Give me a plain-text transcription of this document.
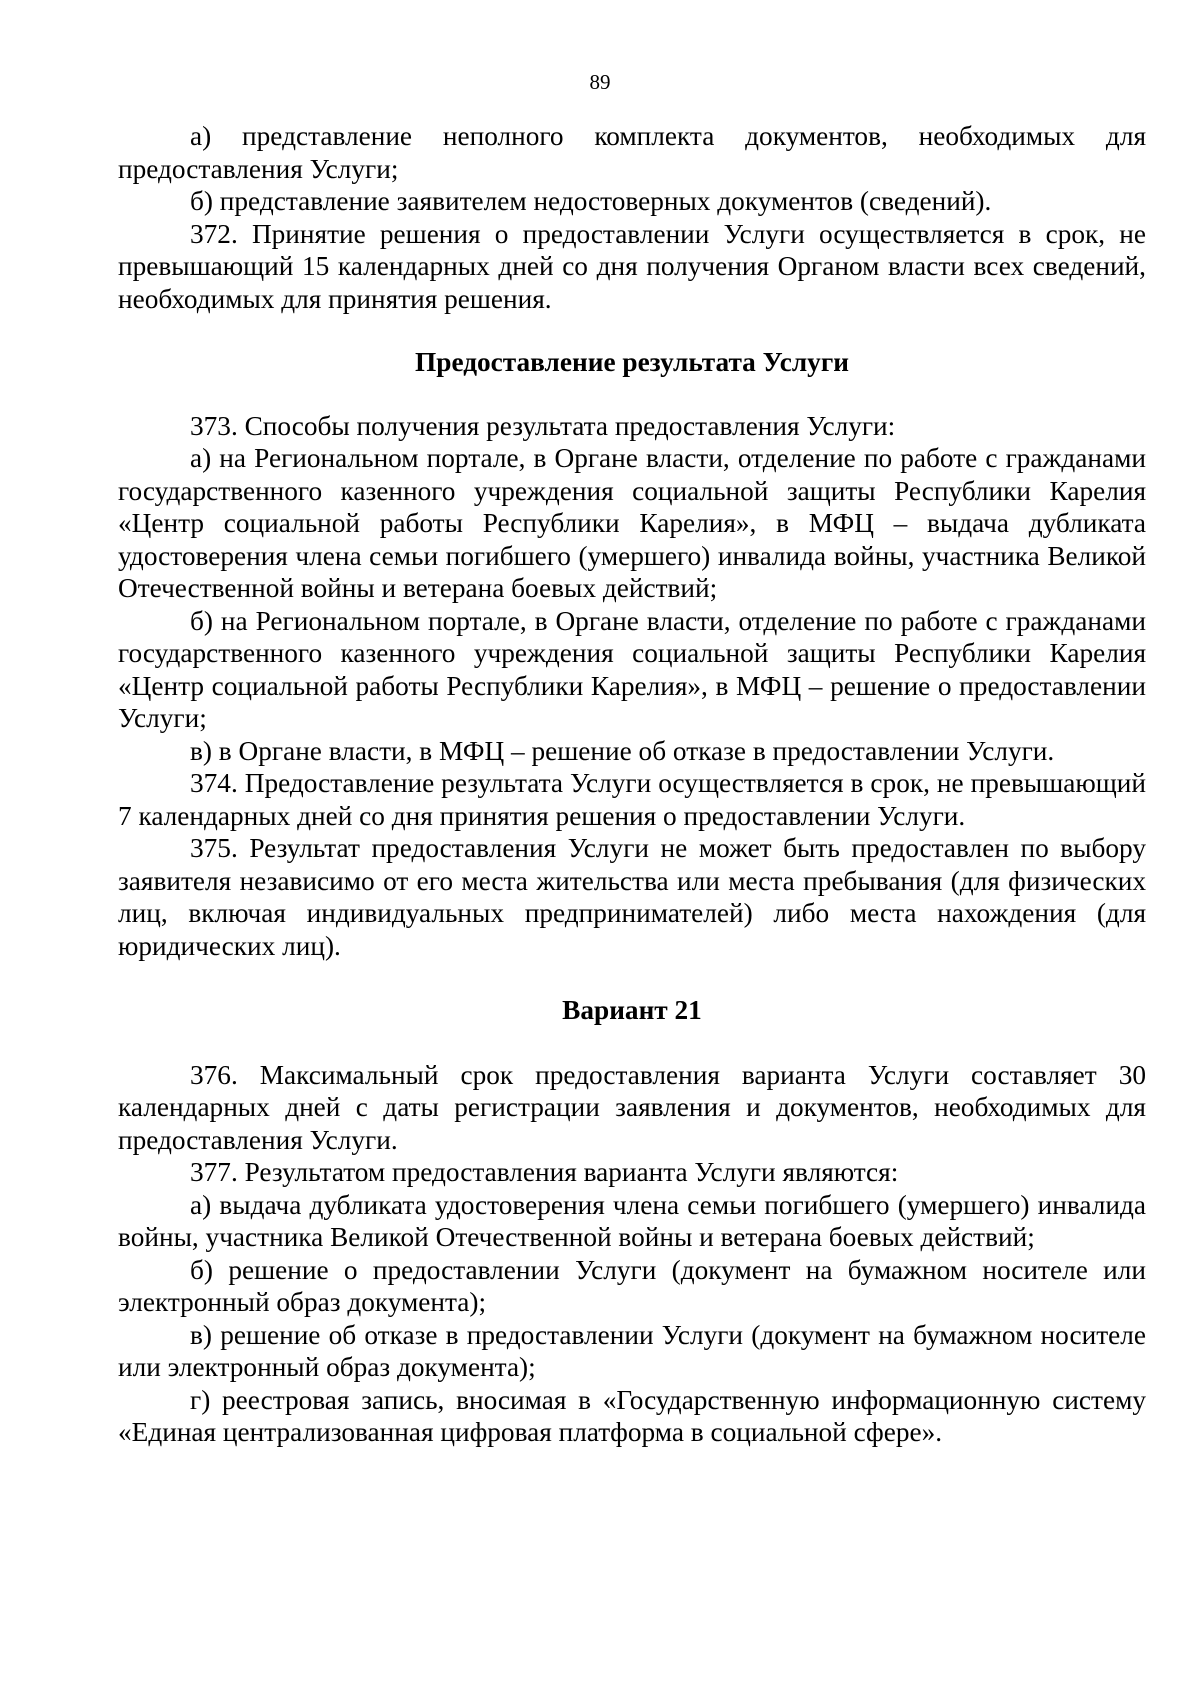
89

а) представление неполного комплекта документов, необходимых для предоставления Услуги;

б) представление заявителем недостоверных документов (сведений).

372. Принятие решения о предоставлении Услуги осуществляется в срок, не превышающий 15 календарных дней со дня получения Органом власти всех сведений, необходимых для принятия решения.

Предоставление результата Услуги

373. Способы получения результата предоставления Услуги:

а) на Региональном портале, в Органе власти, отделение по работе с гражданами государственного казенного учреждения социальной защиты Республики Карелия «Центр социальной работы Республики Карелия», в МФЦ – выдача дубликата удостоверения члена семьи погибшего (умершего) инвалида войны, участника Великой Отечественной войны и ветерана боевых действий;

б) на Региональном портале, в Органе власти, отделение по работе с гражданами государственного казенного учреждения социальной защиты Республики Карелия «Центр социальной работы Республики Карелия», в МФЦ – решение о предоставлении Услуги;

в) в Органе власти, в МФЦ – решение об отказе в предоставлении Услуги.

374. Предоставление результата Услуги осуществляется в срок, не превышающий 7 календарных дней со дня принятия решения о предоставлении Услуги.

375. Результат предоставления Услуги не может быть предоставлен по выбору заявителя независимо от его места жительства или места пребывания (для физических лиц, включая индивидуальных предпринимателей) либо места нахождения (для юридических лиц).

Вариант 21

376. Максимальный срок предоставления варианта Услуги составляет 30 календарных дней с даты регистрации заявления и документов, необходимых для предоставления Услуги.

377. Результатом предоставления варианта Услуги являются:

а) выдача дубликата удостоверения члена семьи погибшего (умершего) инвалида войны, участника Великой Отечественной войны и ветерана боевых действий;

б) решение о предоставлении Услуги (документ на бумажном носителе или электронный образ документа);

в) решение об отказе в предоставлении Услуги (документ на бумажном носителе или электронный образ документа);

г) реестровая запись, вносимая в «Государственную информационную систему «Единая централизованная цифровая платформа в социальной сфере».
